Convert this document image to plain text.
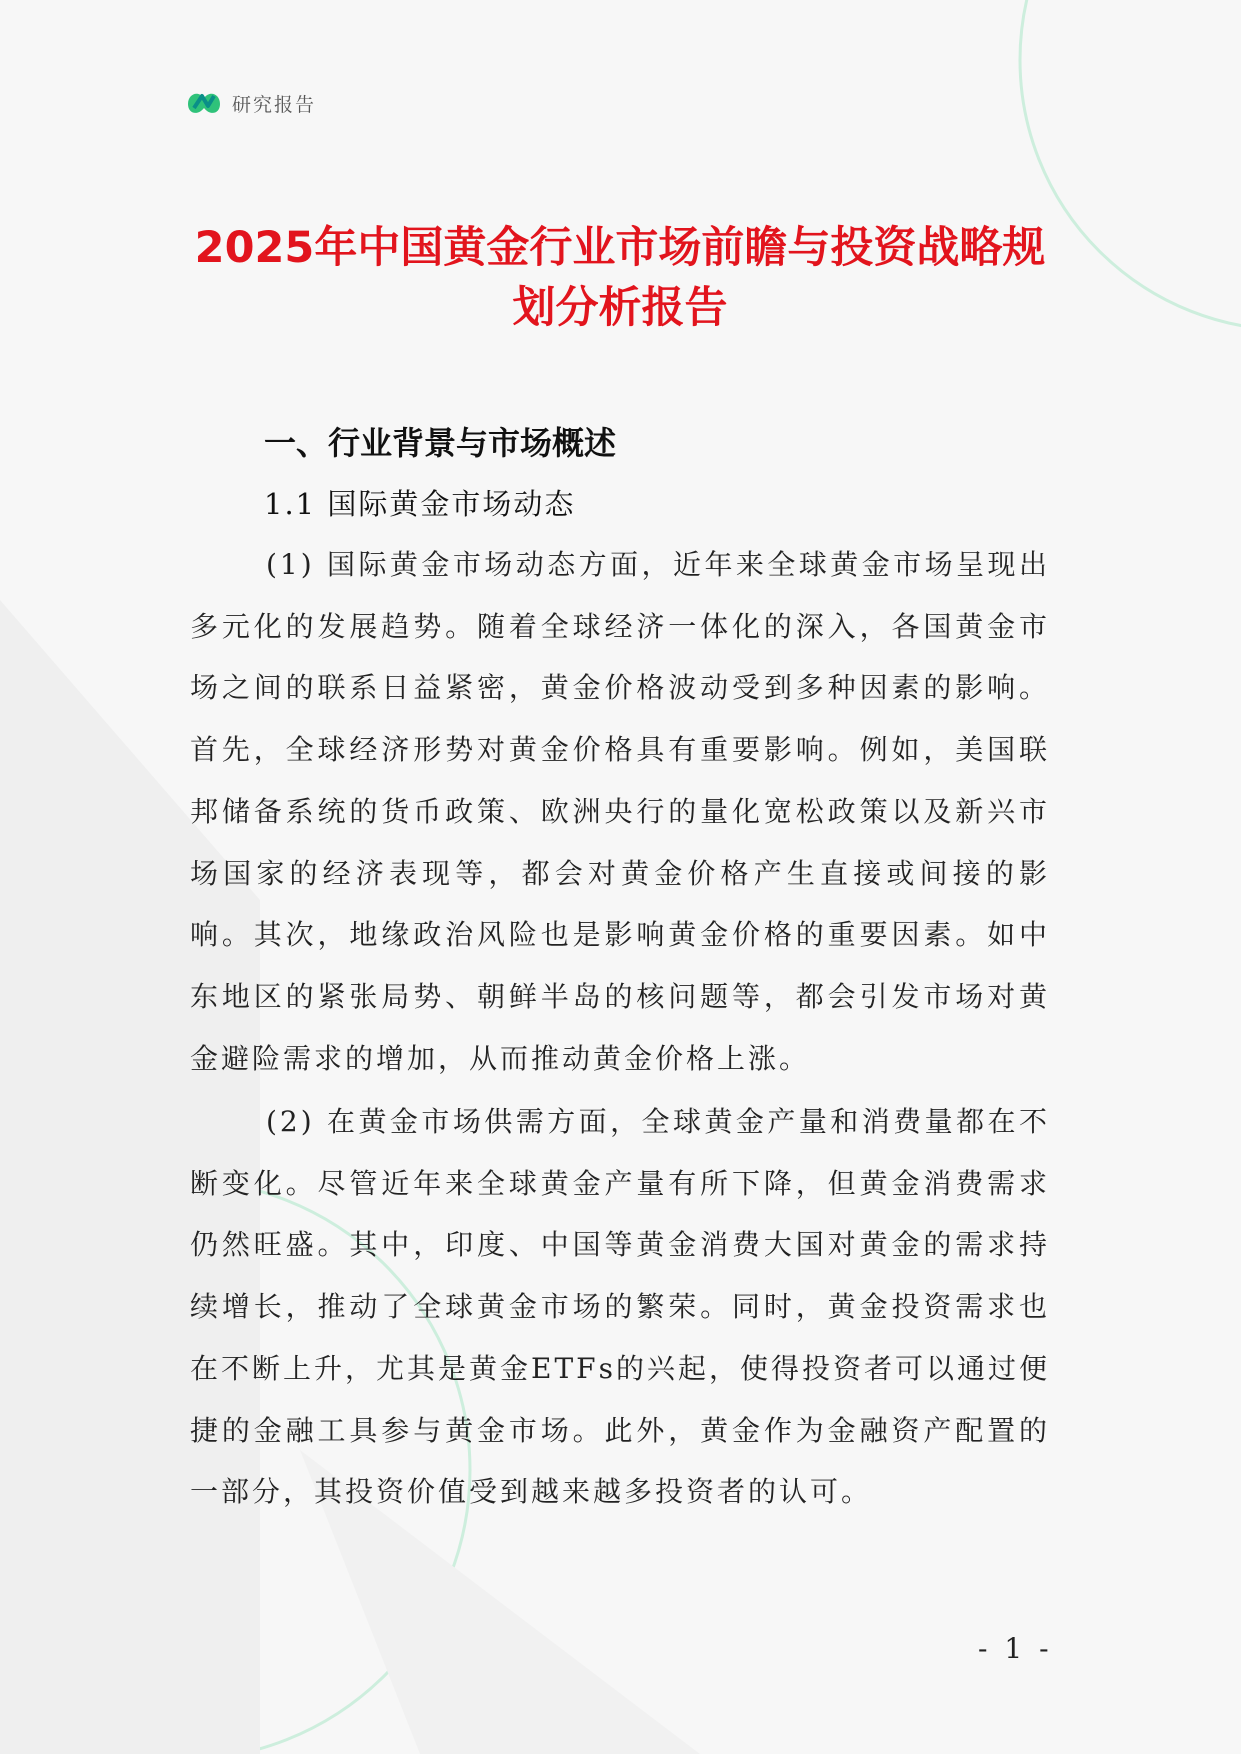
研究报告
2025年中国黄金行业市场前瞻与投资战略规划分析报告
一、行业背景与市场概述
1.1 国际黄金市场动态

(1) 国际黄金市场动态方面，近年来全球黄金市场呈现出多元化的发展趋势。随着全球经济一体化的深入，各国黄金市场之间的联系日益紧密，黄金价格波动受到多种因素的影响。首先，全球经济形势对黄金价格具有重要影响。例如，美国联邦储备系统的货币政策、欧洲央行的量化宽松政策以及新兴市场国家的经济表现等，都会对黄金价格产生直接或间接的影响。其次，地缘政治风险也是影响黄金价格的重要因素。如中东地区的紧张局势、朝鲜半岛的核问题等，都会引发市场对黄金避险需求的增加，从而推动黄金价格上涨。

(2) 在黄金市场供需方面，全球黄金产量和消费量都在不断变化。尽管近年来全球黄金产量有所下降，但黄金消费需求仍然旺盛。其中，印度、中国等黄金消费大国对黄金的需求持续增长，推动了全球黄金市场的繁荣。同时，黄金投资需求也在不断上升，尤其是黄金ETFs的兴起，使得投资者可以通过便捷的金融工具参与黄金市场。此外，黄金作为金融资产配置的一部分，其投资价值受到越来越多投资者的认可。

- 1 -
